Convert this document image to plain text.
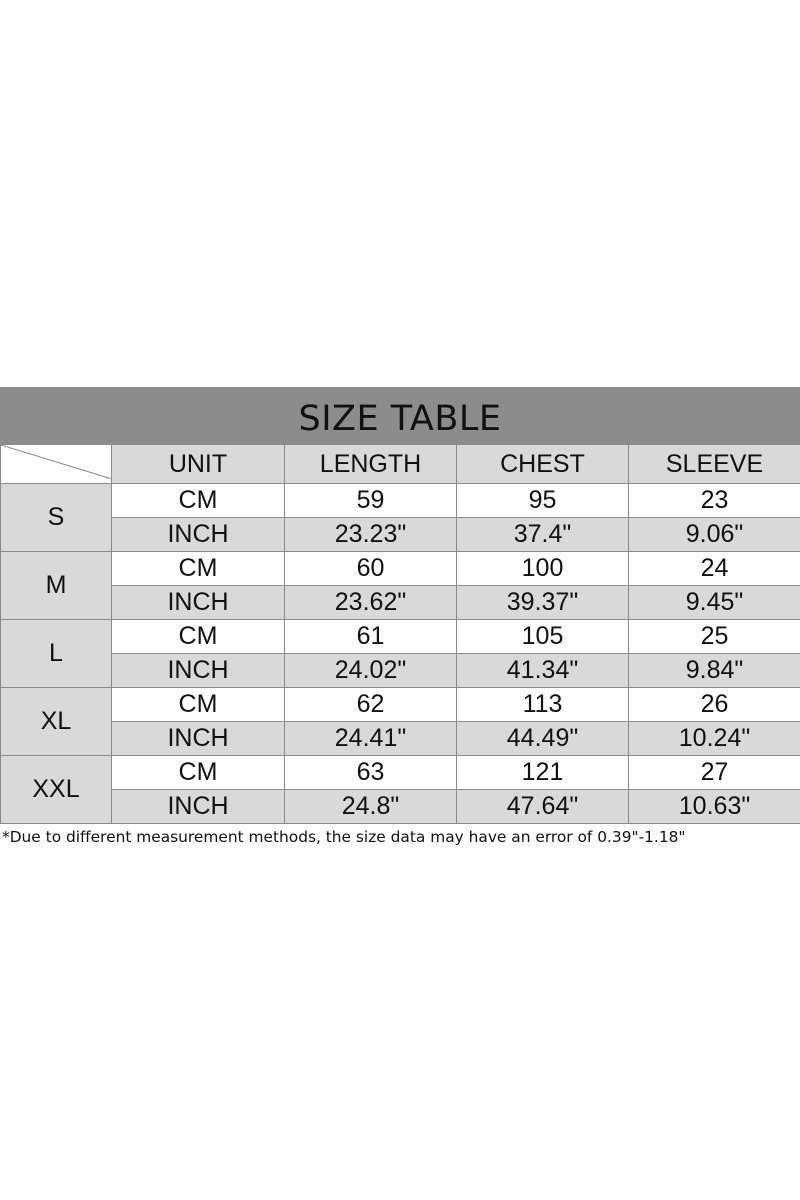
SIZE TABLE
	UNIT	LENGTH	CHEST	SLEEVE
S	CM	59	95	23
	INCH	23.23"	37.4"	9.06"
M	CM	60	100	24
	INCH	23.62"	39.37"	9.45"
L	CM	61	105	25
	INCH	24.02"	41.34"	9.84"
XL	CM	62	113	26
	INCH	24.41"	44.49"	10.24"
XXL	CM	63	121	27
	INCH	24.8"	47.64"	10.63"
*Due to different measurement methods, the size data may have an error of 0.39"-1.18"
